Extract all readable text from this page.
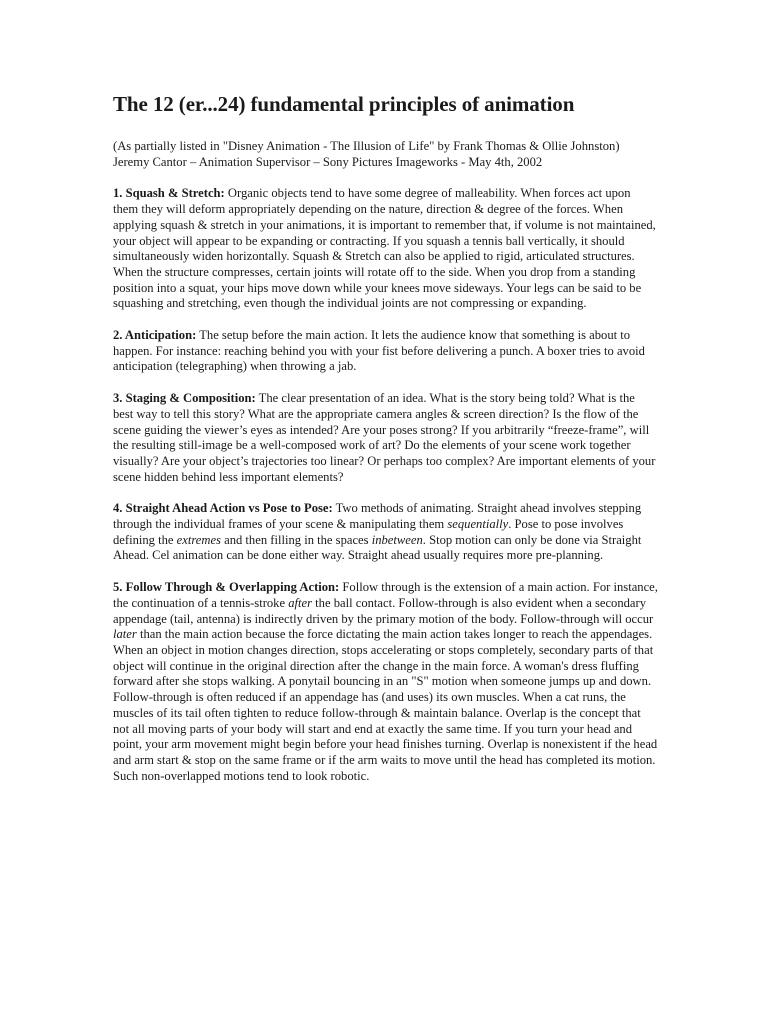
The 12 (er...24) fundamental principles of animation
(As partially listed in "Disney Animation - The Illusion of Life" by Frank Thomas & Ollie Johnston)
Jeremy Cantor – Animation Supervisor – Sony Pictures Imageworks - May 4th, 2002

1. Squash & Stretch: Organic objects tend to have some degree of malleability. When forces act upon them they will deform appropriately depending on the nature, direction & degree of the forces. When applying squash & stretch in your animations, it is important to remember that, if volume is not maintained, your object will appear to be expanding or contracting. If you squash a tennis ball vertically, it should simultaneously widen horizontally. Squash & Stretch can also be applied to rigid, articulated structures. When the structure compresses, certain joints will rotate off to the side. When you drop from a standing position into a squat, your hips move down while your knees move sideways. Your legs can be said to be squashing and stretching, even though the individual joints are not compressing or expanding.

2. Anticipation: The setup before the main action. It lets the audience know that something is about to happen. For instance: reaching behind you with your fist before delivering a punch. A boxer tries to avoid anticipation (telegraphing) when throwing a jab.

3. Staging & Composition: The clear presentation of an idea. What is the story being told? What is the best way to tell this story? What are the appropriate camera angles & screen direction? Is the flow of the scene guiding the viewer’s eyes as intended? Are your poses strong? If you arbitrarily “freeze-frame”, will the resulting still-image be a well-composed work of art? Do the elements of your scene work together visually? Are your object’s trajectories too linear? Or perhaps too complex? Are important elements of your scene hidden behind less important elements?

4. Straight Ahead Action vs Pose to Pose: Two methods of animating. Straight ahead involves stepping through the individual frames of your scene & manipulating them sequentially. Pose to pose involves defining the extremes and then filling in the spaces inbetween. Stop motion can only be done via Straight Ahead. Cel animation can be done either way. Straight ahead usually requires more pre-planning.

5. Follow Through & Overlapping Action: Follow through is the extension of a main action. For instance, the continuation of a tennis-stroke after the ball contact. Follow-through is also evident when a secondary appendage (tail, antenna) is indirectly driven by the primary motion of the body. Follow-through will occur later than the main action because the force dictating the main action takes longer to reach the appendages. When an object in motion changes direction, stops accelerating or stops completely, secondary parts of that object will continue in the original direction after the change in the main force. A woman's dress fluffing forward after she stops walking. A ponytail bouncing in an "S" motion when someone jumps up and down. Follow-through is often reduced if an appendage has (and uses) its own muscles. When a cat runs, the muscles of its tail often tighten to reduce follow-through & maintain balance. Overlap is the concept that not all moving parts of your body will start and end at exactly the same time. If you turn your head and point, your arm movement might begin before your head finishes turning. Overlap is nonexistent if the head and arm start & stop on the same frame or if the arm waits to move until the head has completed its motion. Such non-overlapped motions tend to look robotic.
